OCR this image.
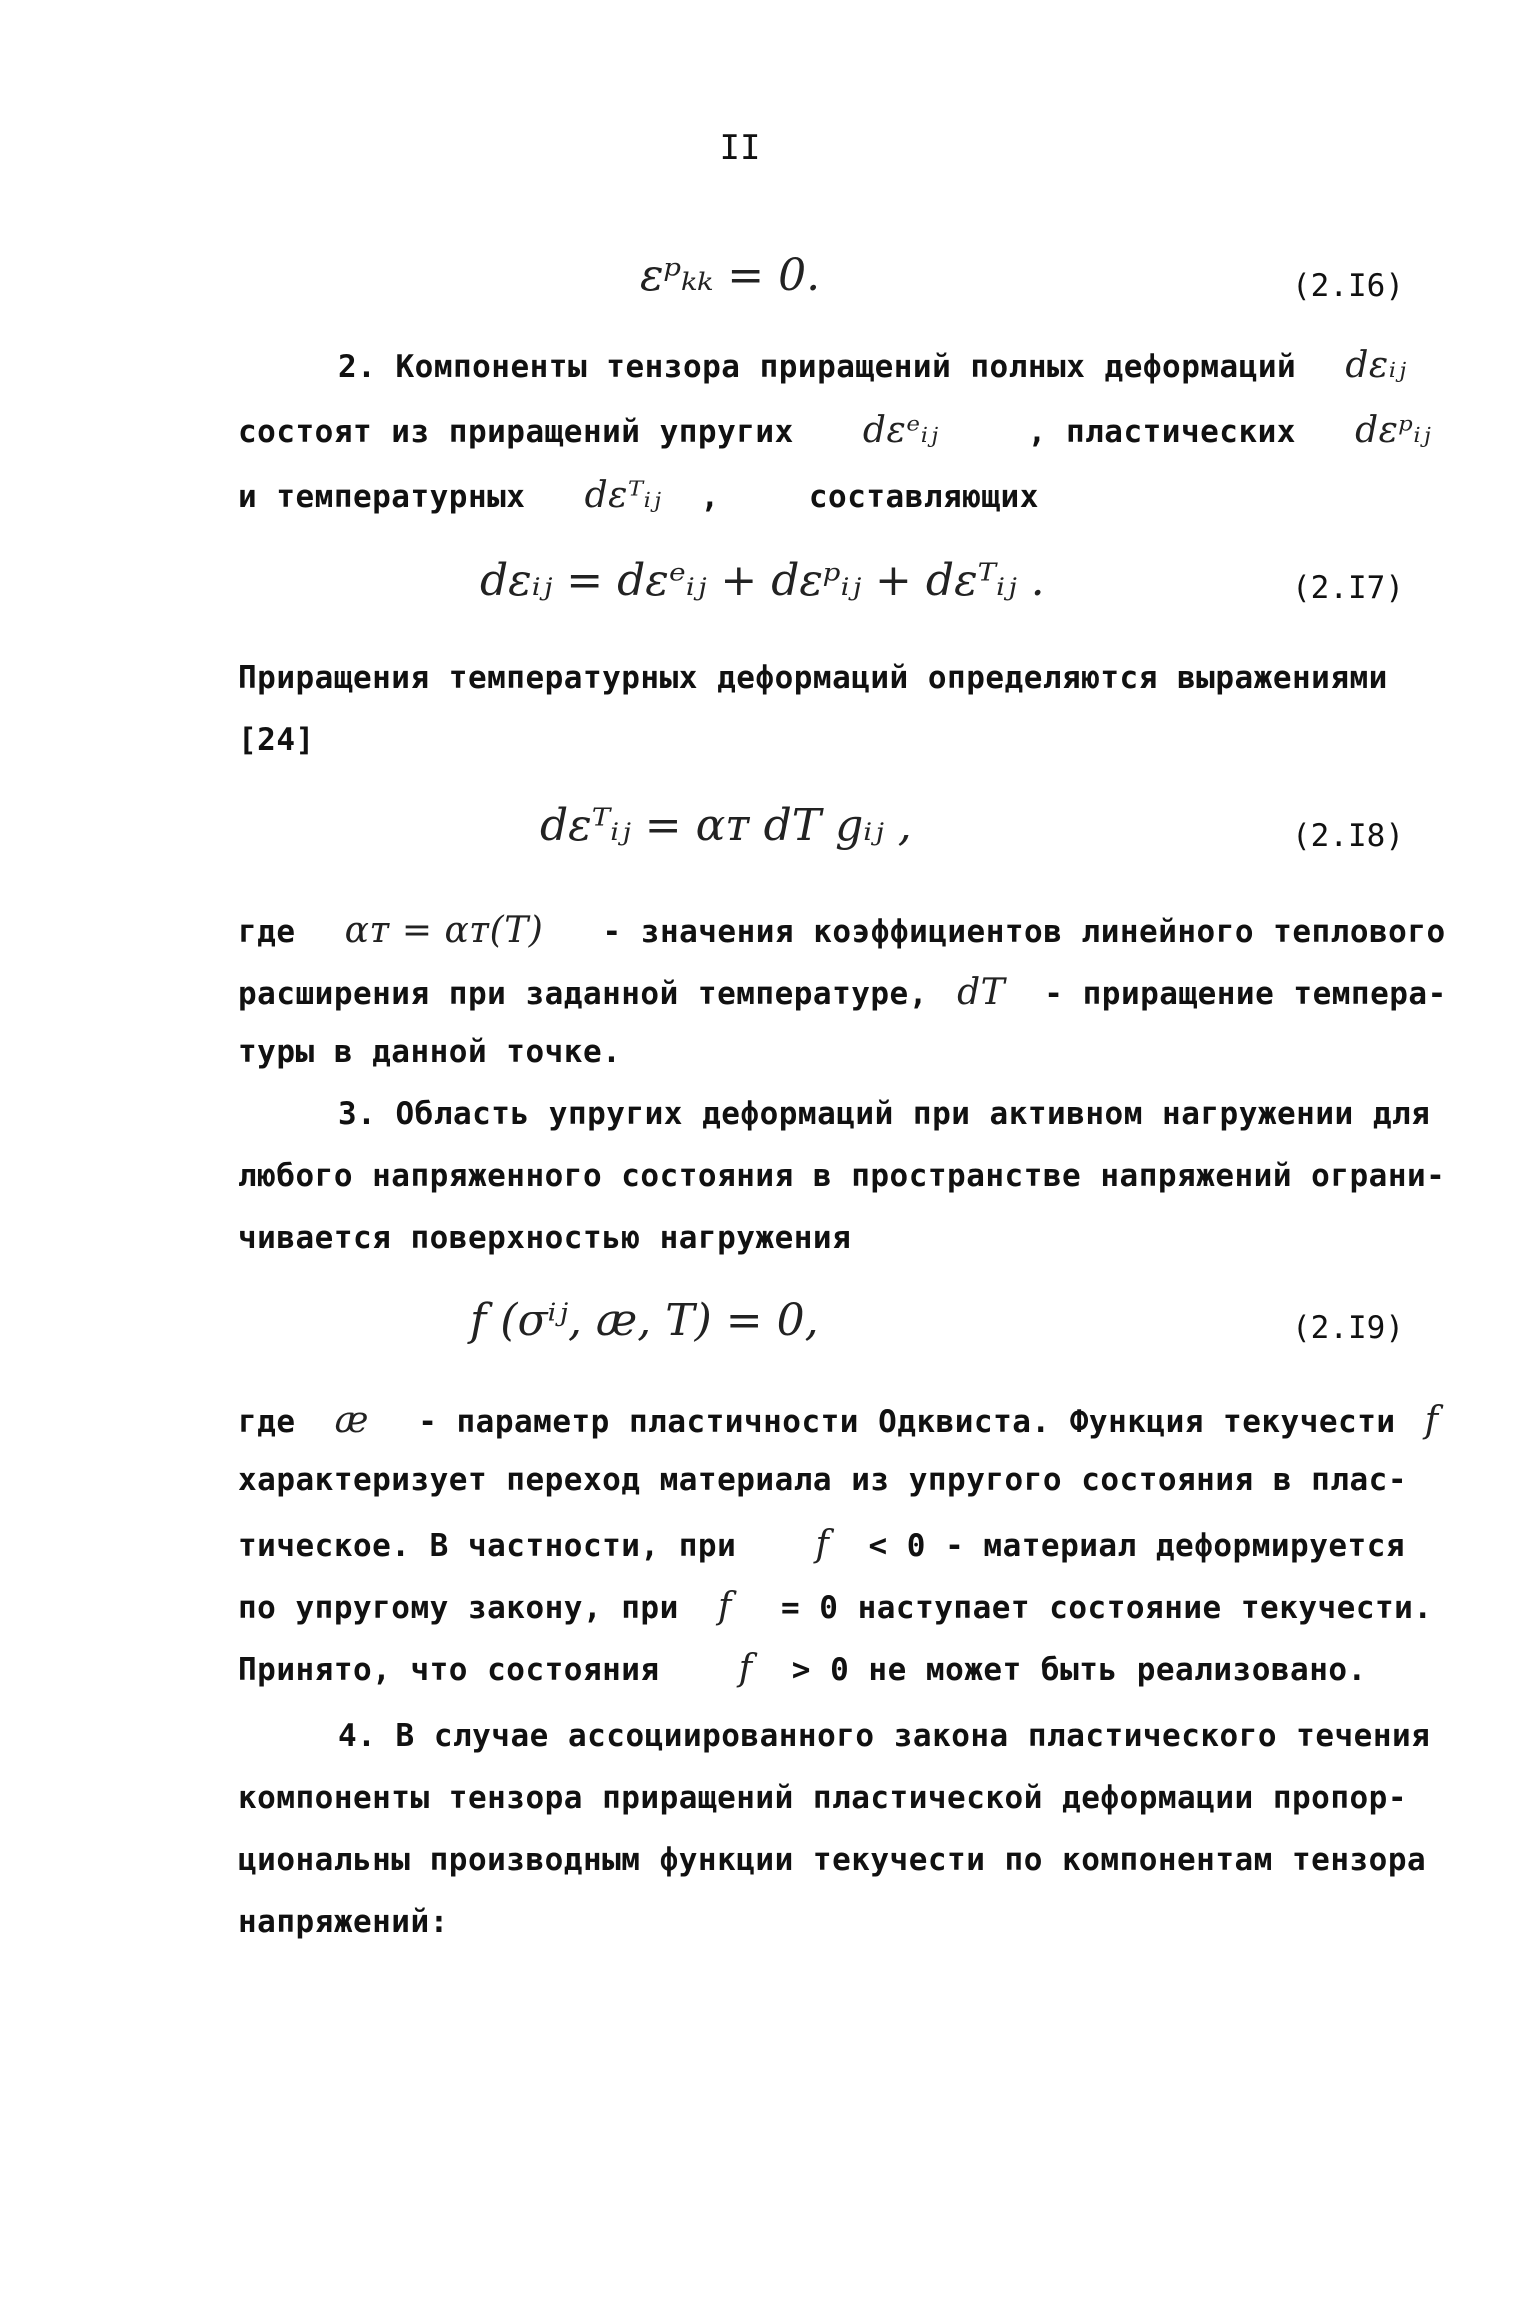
II
εᵖₖₖ = 0.	(2.I6)
2. Компоненты тензора приращений полных деформаций dεᵢⱼ
состоят из приращений упругих dεᵉᵢⱼ	, пластических dεᵖᵢⱼ
и температурных dεᵀᵢⱼ ,	составляющих
dεᵢⱼ = dεᵉᵢⱼ + dεᵖᵢⱼ + dεᵀᵢⱼ .	(2.I7)
Приращения температурных деформаций определяются выражениями
[24]
dεᵀᵢⱼ = αᴛ dT gᵢⱼ ,	(2.I8)
где αᴛ = αᴛ(T) - значения коэффициентов линейного теплового
расширения при заданной температуре, dT - приращение темпера-
туры в данной точке.
3. Область упругих деформаций при активном нагружении для
любого напряженного состояния в пространстве напряжений ограни-
чивается поверхностью нагружения
f (σⁱʲ, æ, T) = 0,	(2.I9)
где æ - параметр пластичности Одквиста. Функция текучести f
характеризует переход материала из упругого состояния в плас-
тическое. В частности, при f < 0 - материал деформируется
по упругому закону, при f = 0 наступает состояние текучести.
Принято, что состояния f > 0 не может быть реализовано.
4. В случае ассоциированного закона пластического течения
компоненты тензора приращений пластической деформации пропор-
циональны производным функции текучести по компонентам тензора
напряжений:
